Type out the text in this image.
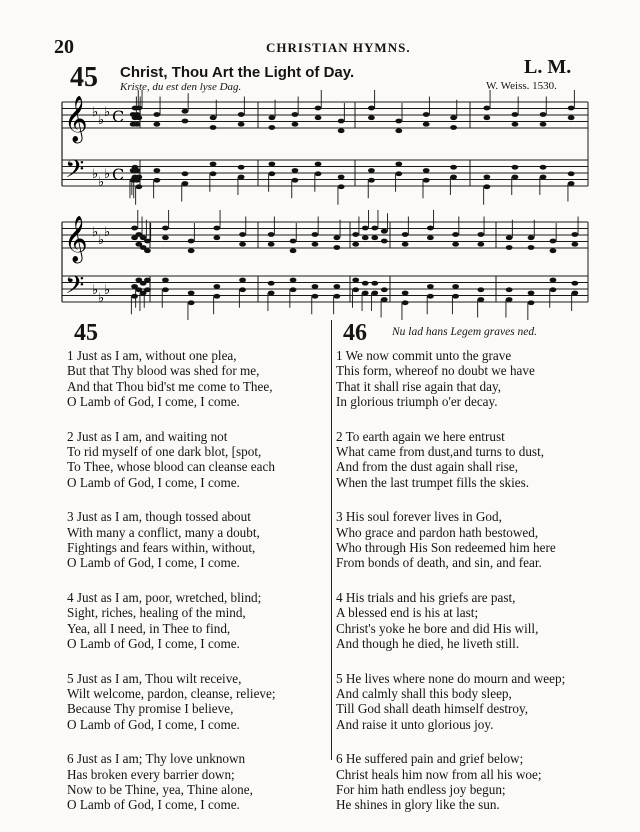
20	CHRISTIAN HYMNS.
45 Christ, Thou Art the Light of Day.
Kriste, du est den lyse Dag.
L. M.
W. Weiss. 1530.
𝄞
𝄢
♭
♭
♭
♭
♭
♭
C
C
𝄞
𝄢
♭
♭
♭
♭
♭
♭
45	46 Nu lad hans Legem graves ned.
1 Just as I am, without one plea,
But that Thy blood was shed for me,
And that Thou bid'st me come to Thee,
O Lamb of God, I come, I come.
2 Just as I am, and waiting not
To rid myself of one dark blot, [spot,
To Thee, whose blood can cleanse each
O Lamb of God, I come, I come.
3 Just as I am, though tossed about
With many a conflict, many a doubt,
Fightings and fears within, without,
O Lamb of God, I come, I come.
4 Just as I am, poor, wretched, blind;
Sight, riches, healing of the mind,
Yea, all I need, in Thee to find,
O Lamb of God, I come, I come.
5 Just as I am, Thou wilt receive,
Wilt welcome, pardon, cleanse, relieve;
Because Thy promise I believe,
O Lamb of God, I come, I come.
6 Just as I am; Thy love unknown
Has broken every barrier down;
Now to be Thine, yea, Thine alone,
O Lamb of God, I come, I come.
1 We now commit unto the grave
This form, whereof no doubt we have
That it shall rise again that day,
In glorious triumph o'er decay.
2 To earth again we here entrust
What came from dust,and turns to dust,
And from the dust again shall rise,
When the last trumpet fills the skies.
3 His soul forever lives in God,
Who grace and pardon hath bestowed,
Who through His Son redeemed him here
From bonds of death, and sin, and fear.
4 His trials and his griefs are past,
A blessed end is his at last;
Christ's yoke he bore and did His will,
And though he died, he liveth still.
5 He lives where none do mourn and weep;
And calmly shall this body sleep,
Till God shall death himself destroy,
And raise it unto glorious joy.
6 He suffered pain and grief below;
Christ heals him now from all his woe;
For him hath endless joy begun;
He shines in glory like the sun.
